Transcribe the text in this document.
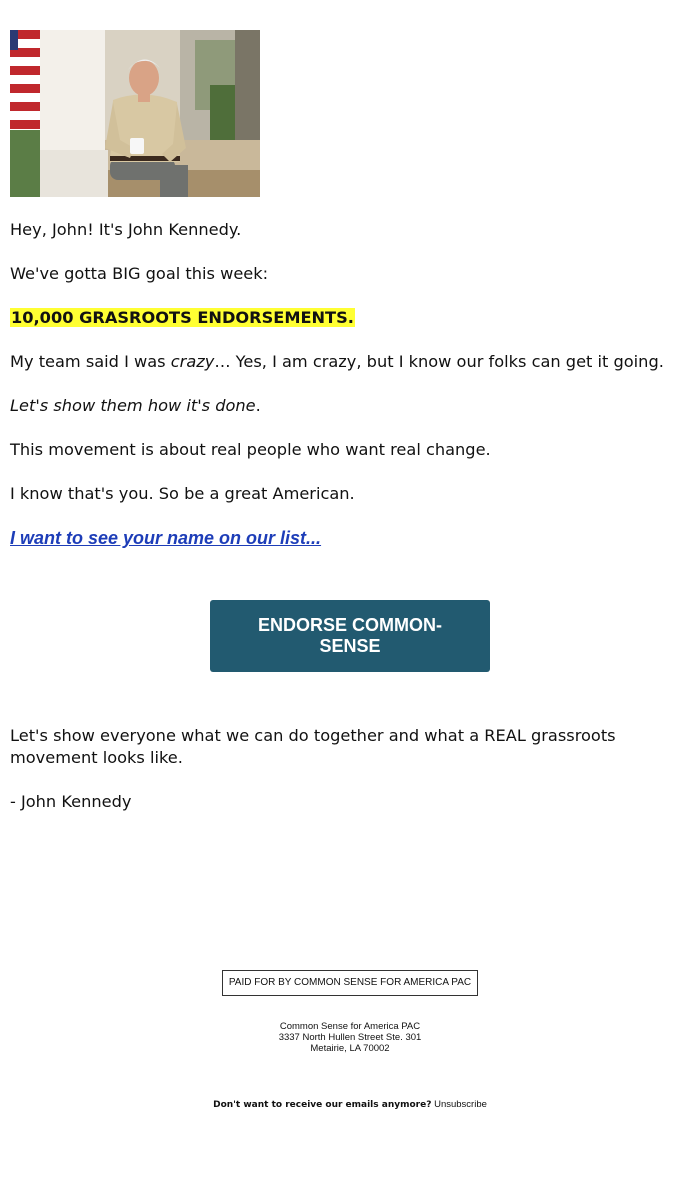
Hey, John! It's John Kennedy.

We've gotta BIG goal this week:

10,000 GRASROOTS ENDORSEMENTS.

My team said I was crazy… Yes, I am crazy, but I know our folks can get it going.

Let's show them how it's done.

This movement is about real people who want real change.

I know that's you. So be a great American.

I want to see your name on our list...

ENDORSE COMMON-SENSE

Let's show everyone what we can do together and what a REAL grassroots movement looks like.

- John Kennedy

PAID FOR BY COMMON SENSE FOR AMERICA PAC
Common Sense for America PAC
3337 North Hullen Street Ste. 301
Metairie, LA 70002
Don't want to receive our emails anymore? Unsubscribe
